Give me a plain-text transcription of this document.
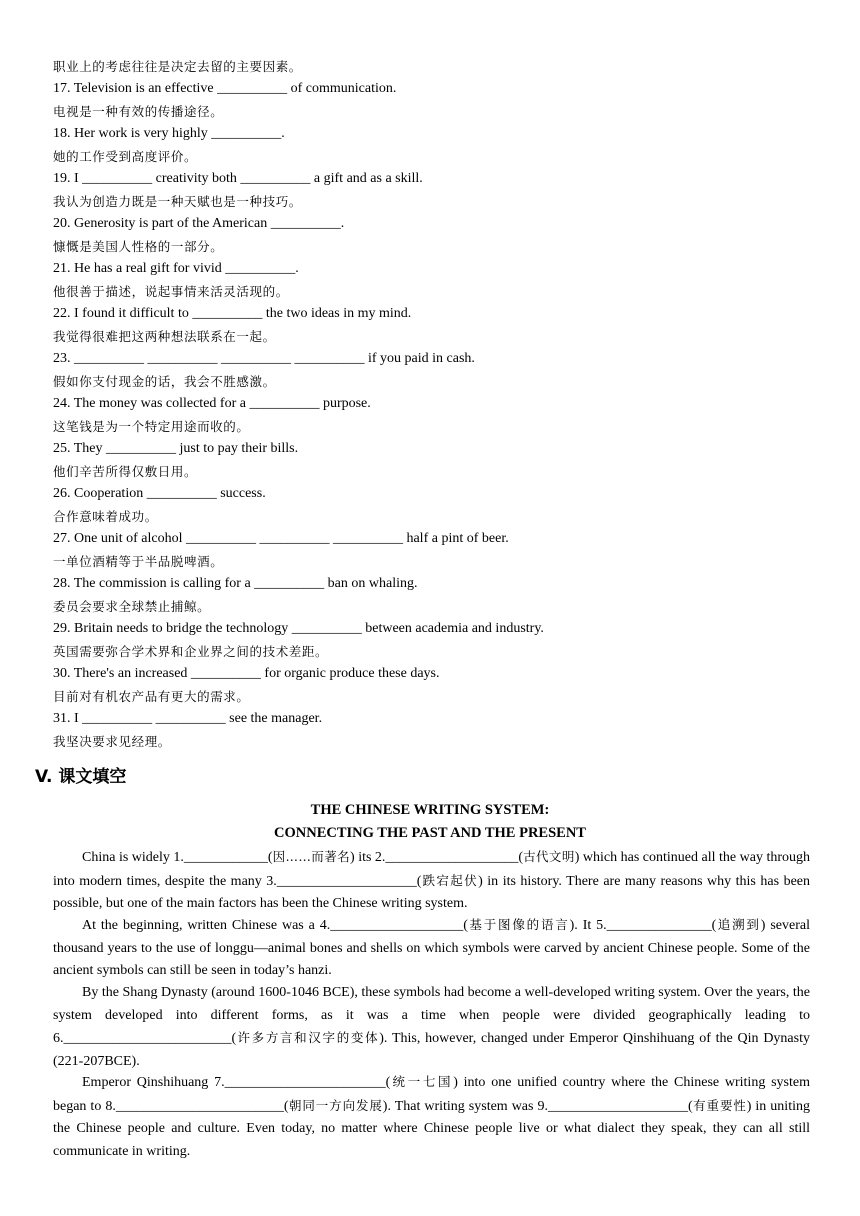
职业上的考虑往往是决定去留的主要因素。
17. Television is an effective __________ of communication.
电视是一种有效的传播途径。
18. Her work is very highly __________.
她的工作受到高度评价。
19. I __________ creativity both __________ a gift and as a skill.
我认为创造力既是一种天赋也是一种技巧。
20. Generosity is part of the American __________.
慷慨是美国人性格的一部分。
21. He has a real gift for vivid __________.
他很善于描述，说起事情来活灵活现的。
22. I found it difficult to __________ the two ideas in my mind.
我觉得很难把这两种想法联系在一起。
23. __________ __________ __________ __________ if you paid in cash.
假如你支付现金的话，我会不胜感激。
24. The money was collected for a __________ purpose.
这笔钱是为一个特定用途而收的。
25. They __________ just to pay their bills.
他们辛苦所得仅敷日用。
26. Cooperation __________ success.
合作意味着成功。
27. One unit of alcohol __________ __________ __________ half a pint of beer.
一单位酒精等于半品脱啤酒。
28. The commission is calling for a __________ ban on whaling.
委员会要求全球禁止捕鲸。
29. Britain needs to bridge the technology __________ between academia and industry.
英国需要弥合学术界和企业界之间的技术差距。
30. There's an increased __________ for organic produce these days.
目前对有机农产品有更大的需求。
31. I __________ __________ see the manager.
我坚决要求见经理。
V. 课文填空
THE CHINESE WRITING SYSTEM:
CONNECTING THE PAST AND THE PRESENT

China is widely 1.____________(因……而著名) its 2.___________________(古代文明) which has continued all the way through into modern times, despite the many 3.____________________(跌宕起伏) in its history. There are many reasons why this has been possible, but one of the main factors has been the Chinese writing system.

At the beginning, written Chinese was a 4.___________________(基于图像的语言). It 5._______________(追溯到) several thousand years to the use of longgu—animal bones and shells on which symbols were carved by ancient Chinese people. Some of the ancient symbols can still be seen in today’s hanzi.

By the Shang Dynasty (around 1600-1046 BCE), these symbols had become a well-developed writing system. Over the years, the system developed into different forms, as it was a time when people were divided geographically leading to 6.________________________(许多方言和汉字的变体). This, however, changed under Emperor Qinshihuang of the Qin Dynasty (221-207BCE).

Emperor Qinshihuang 7._______________________(统一七国) into one unified country where the Chinese writing system began to 8.________________________(朝同一方向发展). That writing system was 9.____________________(有重要性) in uniting the Chinese people and culture. Even today, no matter where Chinese people live or what dialect they speak, they can all still communicate in writing.
